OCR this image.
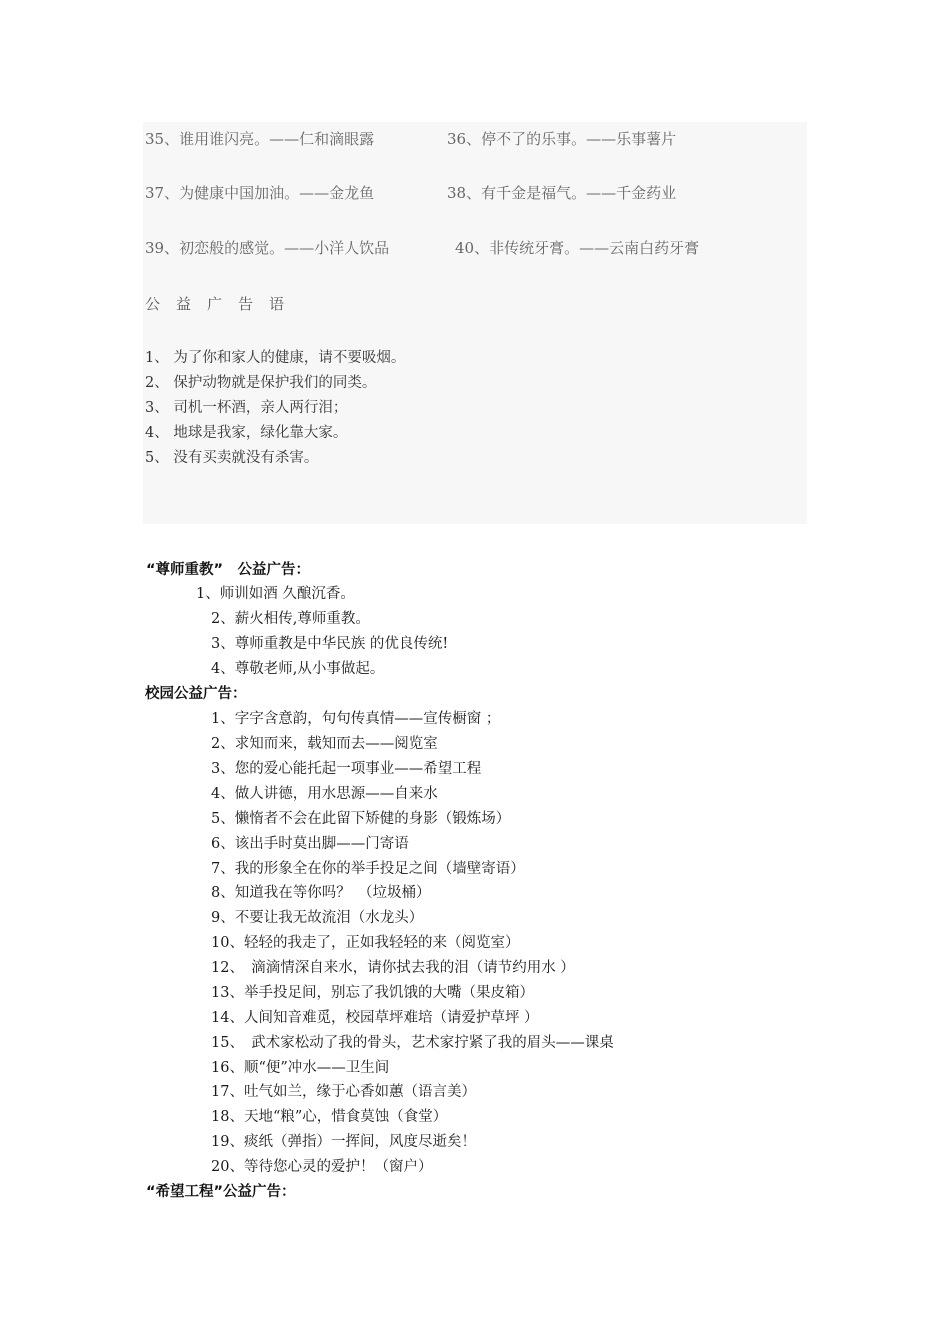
35、谁用谁闪亮。——仁和滴眼露	36、停不了的乐事。——乐事薯片
37、为健康中国加油。——金龙鱼	38、有千金是福气。——千金药业
39、初恋般的感觉。——小洋人饮品	40、非传统牙膏。——云南白药牙膏
公益广告语
1、 为了你和家人的健康，请不要吸烟。
2、 保护动物就是保护我们的同类。
3、 司机一杯酒，亲人两行泪；
4、 地球是我家，绿化靠大家。
5、 没有买卖就没有杀害。
“尊师重教”　公益广告：
1、师训如酒 久酿沉香。
2、薪火相传,尊师重教。
3、尊师重教是中华民族 的优良传统!
4、尊敬老师,从小事做起。
校园公益广告：
1、字字含意韵，句句传真情——宣传橱窗 ；
2、求知而来，载知而去——阅览室
3、您的爱心能托起一项事业——希望工程
4、做人讲德，用水思源——自来水
5、懒惰者不会在此留下矫健的身影（锻炼场）
6、该出手时莫出脚——门寄语
7、我的形象全在你的举手投足之间（墙壁寄语）
8、知道我在等你吗？　（垃圾桶）
9、不要让我无故流泪（水龙头）
10、轻轻的我走了，正如我轻轻的来（阅览室）
12、　滴滴情深自来水，请你拭去我的泪（请节约用水 ）
13、举手投足间，别忘了我饥饿的大嘴（果皮箱）
14、人间知音难觅，校园草坪难培（请爱护草坪 ）
15、　武术家松动了我的骨头，艺术家拧紧了我的眉头——课桌
16、顺“便”冲水——卫生间
17、吐气如兰，缘于心香如蕙（语言美）
18、天地“粮”心，惜食莫蚀（食堂）
19、痰纸（弹指）一挥间，风度尽逝矣！
20、等待您心灵的爱护！（窗户）
“希望工程”公益广告：
